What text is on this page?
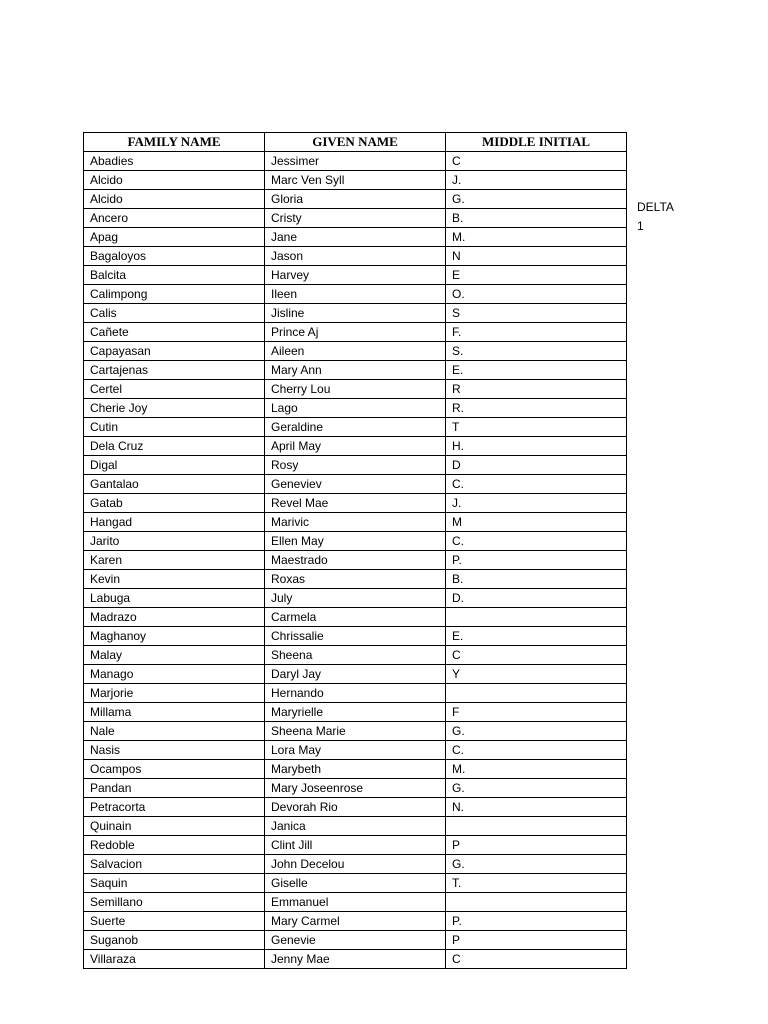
FAMILY NAME	GIVEN NAME	MIDDLE INITIAL
Abadies	Jessimer	C
Alcido	Marc Ven Syll	J.
Alcido	Gloria	G.
Ancero	Cristy	B.
Apag	Jane	M.
Bagaloyos	Jason	N
Balcita	Harvey	E
Calimpong	Ileen	O.
Calis	Jisline	S
Cañete	Prince Aj	F.
Capayasan	Aileen	S.
Cartajenas	Mary Ann	E.
Certel	Cherry Lou	R
Cherie Joy	Lago	R.
Cutin	Geraldine	T
Dela Cruz	April May	H.
Digal	Rosy	D
Gantalao	Geneviev	C.
Gatab	Revel Mae	J.
Hangad	Marivic	M
Jarito	Ellen May	C.
Karen	Maestrado	P.
Kevin	Roxas	B.
Labuga	July	D.
Madrazo	Carmela	
Maghanoy	Chrissalie	E.
Malay	Sheena	C
Manago	Daryl Jay	Y
Marjorie	Hernando	
Millama	Maryrielle	F
Nale	Sheena Marie	G.
Nasis	Lora May	C.
Ocampos	Marybeth	M.
Pandan	Mary Joseenrose	G.
Petracorta	Devorah Rio	N.
Quinain	Janica	
Redoble	Clint Jill	P
Salvacion	John Decelou	G.
Saquin	Giselle	T.
Semillano	Emmanuel	
Suerte	Mary Carmel	P.
Suganob	Genevie	P
Villaraza	Jenny Mae	C
DELTA
1
